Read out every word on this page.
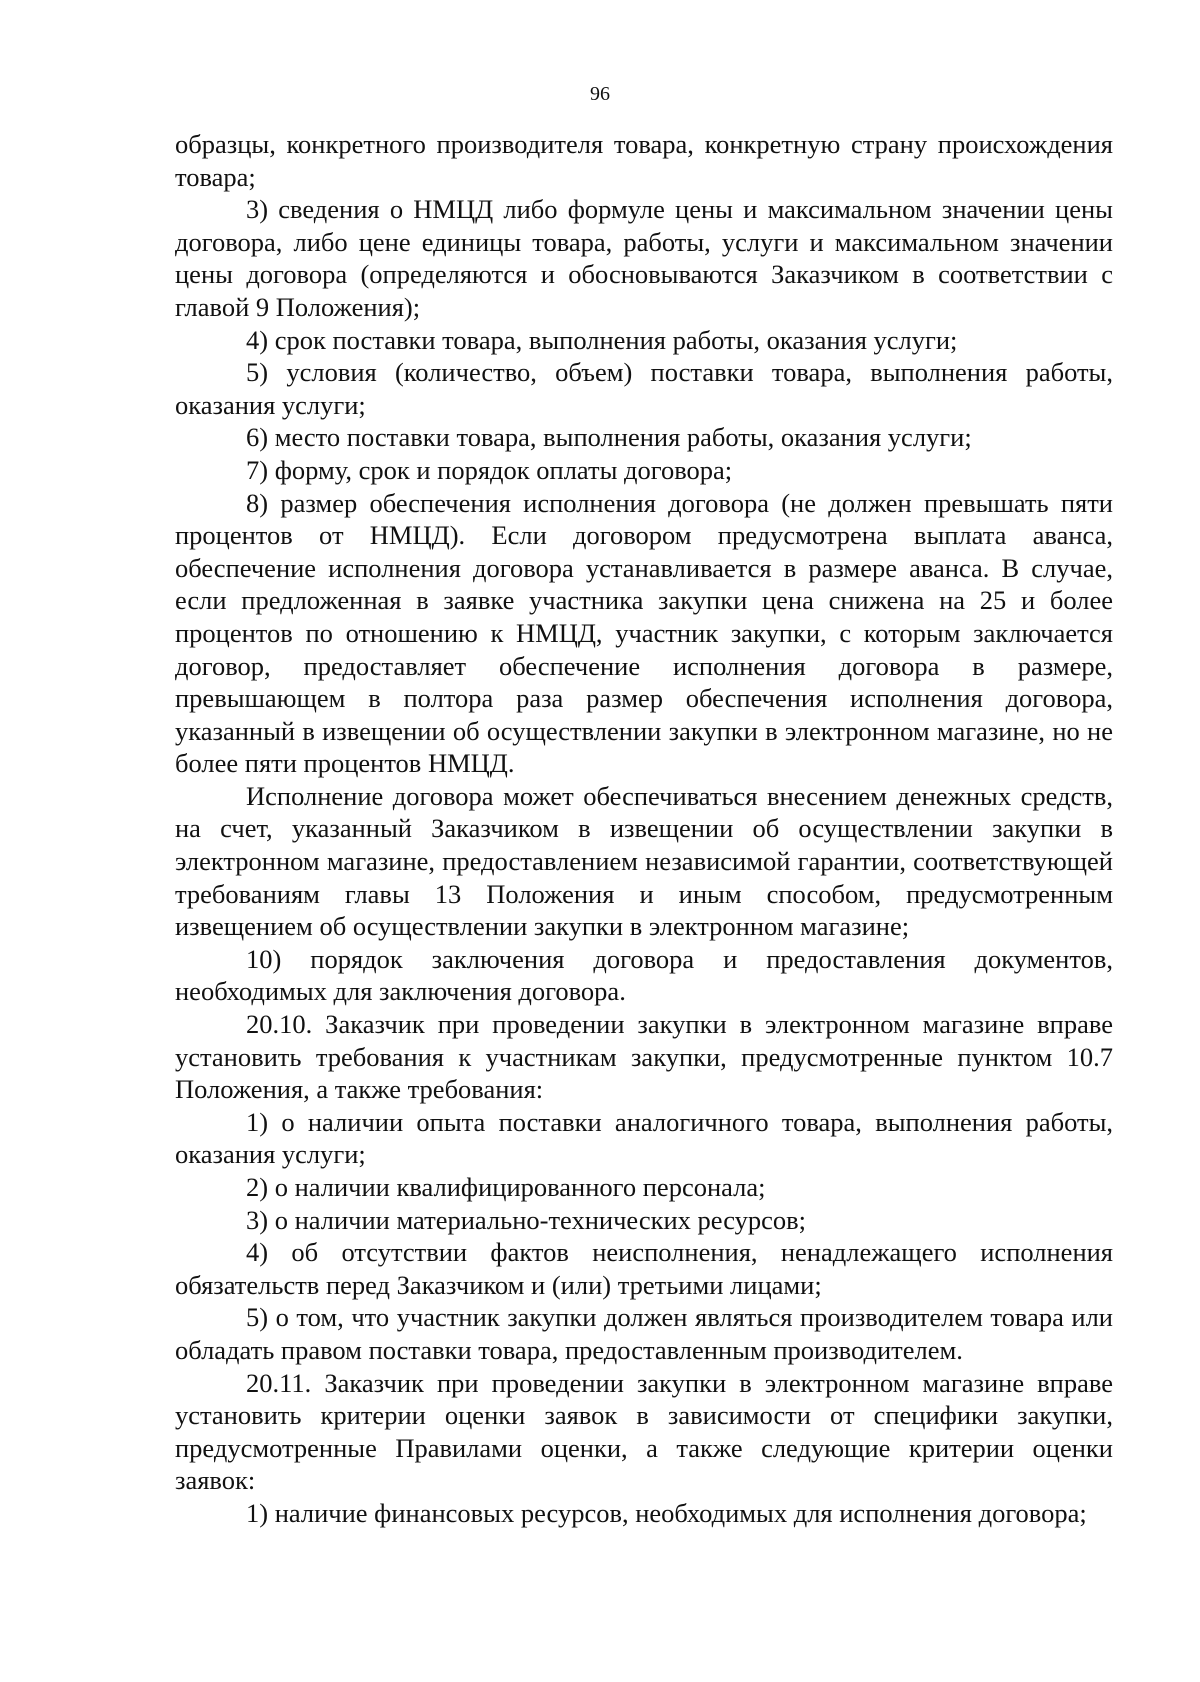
96

образцы, конкретного производителя товара, конкретную страну происхождения товара;

3) сведения о НМЦД либо формуле цены и максимальном значении цены договора, либо цене единицы товара, работы, услуги и максимальном значении цены договора (определяются и обосновываются Заказчиком в соответствии с главой 9 Положения);

4) срок поставки товара, выполнения работы, оказания услуги;

5) условия (количество, объем) поставки товара, выполнения работы, оказания услуги;

6) место поставки товара, выполнения работы, оказания услуги;

7) форму, срок и порядок оплаты договора;

8) размер обеспечения исполнения договора (не должен превышать пяти процентов от НМЦД). Если договором предусмотрена выплата аванса, обеспечение исполнения договора устанавливается в размере аванса. В случае, если предложенная в заявке участника закупки цена снижена на 25 и более процентов по отношению к НМЦД, участник закупки, с которым заключается договор, предоставляет обеспечение исполнения договора в размере, превышающем в полтора раза размер обеспечения исполнения договора, указанный в извещении об осуществлении закупки в электронном магазине, но не более пяти процентов НМЦД.

Исполнение договора может обеспечиваться внесением денежных средств, на счет, указанный Заказчиком в извещении об осуществлении закупки в электронном магазине, предоставлением независимой гарантии, соответствующей требованиям главы 13 Положения и иным способом, предусмотренным извещением об осуществлении закупки в электронном магазине;

10) порядок заключения договора и предоставления документов, необходимых для заключения договора.

20.10. Заказчик при проведении закупки в электронном магазине вправе установить требования к участникам закупки, предусмотренные пунктом 10.7 Положения, а также требования:

1) о наличии опыта поставки аналогичного товара, выполнения работы, оказания услуги;

2) о наличии квалифицированного персонала;

3) о наличии материально-технических ресурсов;

4) об отсутствии фактов неисполнения, ненадлежащего исполнения обязательств перед Заказчиком и (или) третьими лицами;

5) о том, что участник закупки должен являться производителем товара или обладать правом поставки товара, предоставленным производителем.

20.11. Заказчик при проведении закупки в электронном магазине вправе установить критерии оценки заявок в зависимости от специфики закупки, предусмотренные Правилами оценки, а также следующие критерии оценки заявок:

1) наличие финансовых ресурсов, необходимых для исполнения договора;
